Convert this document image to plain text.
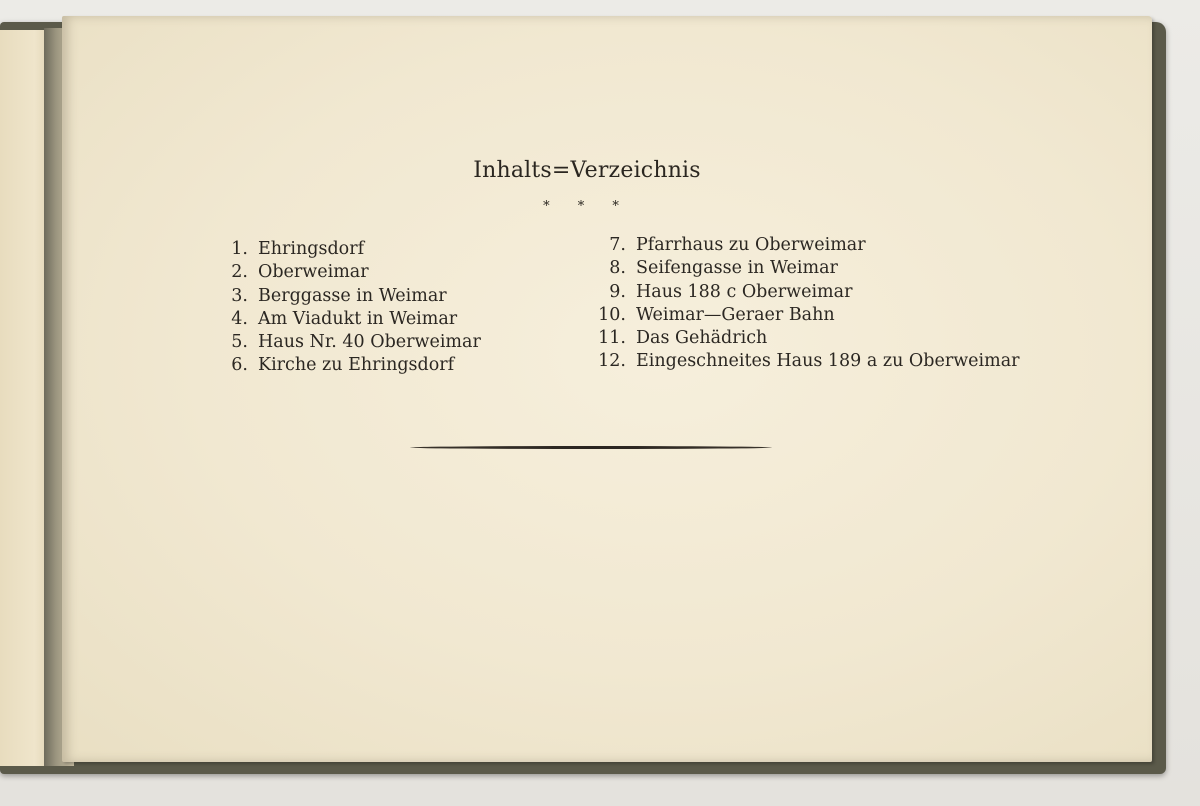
Inhalts=Verzeichnis
* * *
1. Ehringsdorf
2. Oberweimar
3. Berggasse in Weimar
4. Am Viadukt in Weimar
5. Haus Nr. 40 Oberweimar
6. Kirche zu Ehringsdorf
7. Pfarrhaus zu Oberweimar
8. Seifengasse in Weimar
9. Haus 188 c Oberweimar
10. Weimar—Geraer Bahn
11. Das Gehädrich
12. Eingeschneites Haus 189 a zu Oberweimar
